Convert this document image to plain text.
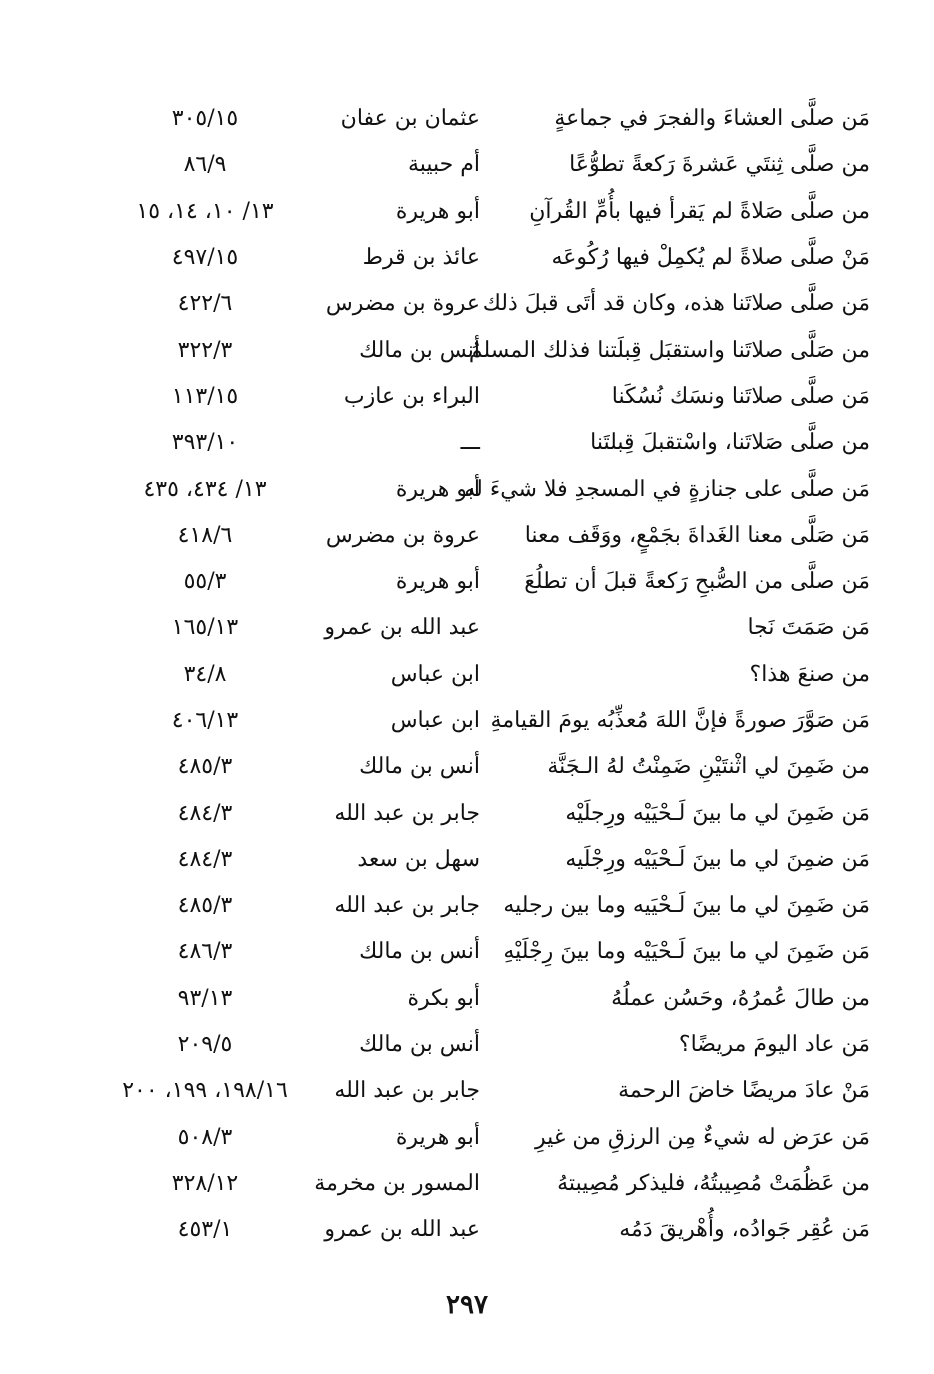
مَن صلَّى العشاءَ والفجرَ في جماعةٍ
عثمان بن عفان
٣٠٥/١٥
من صلَّى ثِنتَي عَشرةَ رَكعةً تطوُّعًا
أم حبيبة
٨٦/٩
من صلَّى صَلاةً لم يَقرأ فيها بأُمِّ القُرآنِ
أبو هريرة
١٣/ ١٠، ١٤، ١٥
مَنْ صلَّى صلاةً لم يُكمِلْ فيها رُكُوعَه
عائذ بن قرط
٤٩٧/١٥
مَن صلَّى صلاتَنا هذه، وكان قد أتَى قبلَ ذلك
عروة بن مضرس
٤٢٢/٦
من صَلَّى صلاتَنا واستقبَل قِبلَتنا فذلك المسلمُ
أنس بن مالك
٣٢٢/٣
مَن صلَّى صلاتَنا ونسَك نُسُكَنا
البراء بن عازب
١١٣/١٥
من صلَّى صَلاتَنا، واسْتقبلَ قِبلتَنا
ـــ
٣٩٣/١٠
مَن صلَّى على جنازةٍ في المسجدِ فلا شيءَ له
أبو هريرة
١٣/ ٤٣٤، ٤٣٥
مَن صَلَّى معنا الغَداةَ بجَمْعٍ، ووَقَف معنا
عروة بن مضرس
٤١٨/٦
مَن صلَّى من الصُّبحِ رَكعةً قبلَ أن تطلُعَ
أبو هريرة
٥٥/٣
مَن صَمَتَ نَجا
عبد الله بن عمرو
١٦٥/١٣
من صنعَ هذا؟
ابن عباس
٣٤/٨
مَن صَوَّرَ صورةً فإنَّ اللهَ مُعذِّبُه يومَ القيامةِ
ابن عباس
٤٠٦/١٣
من ضَمِنَ لي اثْنتَيْنِ ضَمِنْتُ لهُ الـجَنَّة
أنس بن مالك
٤٨٥/٣
مَن ضَمِنَ لي ما بينَ لَـحْيَيْه ورِجلَيْه
جابر بن عبد الله
٤٨٤/٣
مَن ضمِنَ لي ما بينَ لَـحْيَيْه ورِجْلَيه
سهل بن سعد
٤٨٤/٣
مَن ضَمِنَ لي ما بينَ لَـحْيَيه وما بين رجليه
جابر بن عبد الله
٤٨٥/٣
مَن ضَمِنَ لي ما بينَ لَـحْيَيْه وما بينَ رِجْلَيْهِ
أنس بن مالك
٤٨٦/٣
من طالَ عُمرُهُ، وحَسُن عملُهُ
أبو بكرة
٩٣/١٣
مَن عاد اليومَ مريضًا؟
أنس بن مالك
٢٠٩/٥
مَنْ عادَ مريضًا خاضَ الرحمة
جابر بن عبد الله
١٩٨/١٦، ١٩٩، ٢٠٠
مَن عرَض له شيءٌ مِن الرزقِ من غيرِ
أبو هريرة
٥٠٨/٣
من عَظُمَتْ مُصِيبتُهُ، فليذكر مُصِيبتهُ
المسور بن مخرمة
٣٢٨/١٢
مَن عُقِر جَوادُه، وأُهْريقَ دَمُه
عبد الله بن عمرو
٤٥٣/١
٢٩٧
